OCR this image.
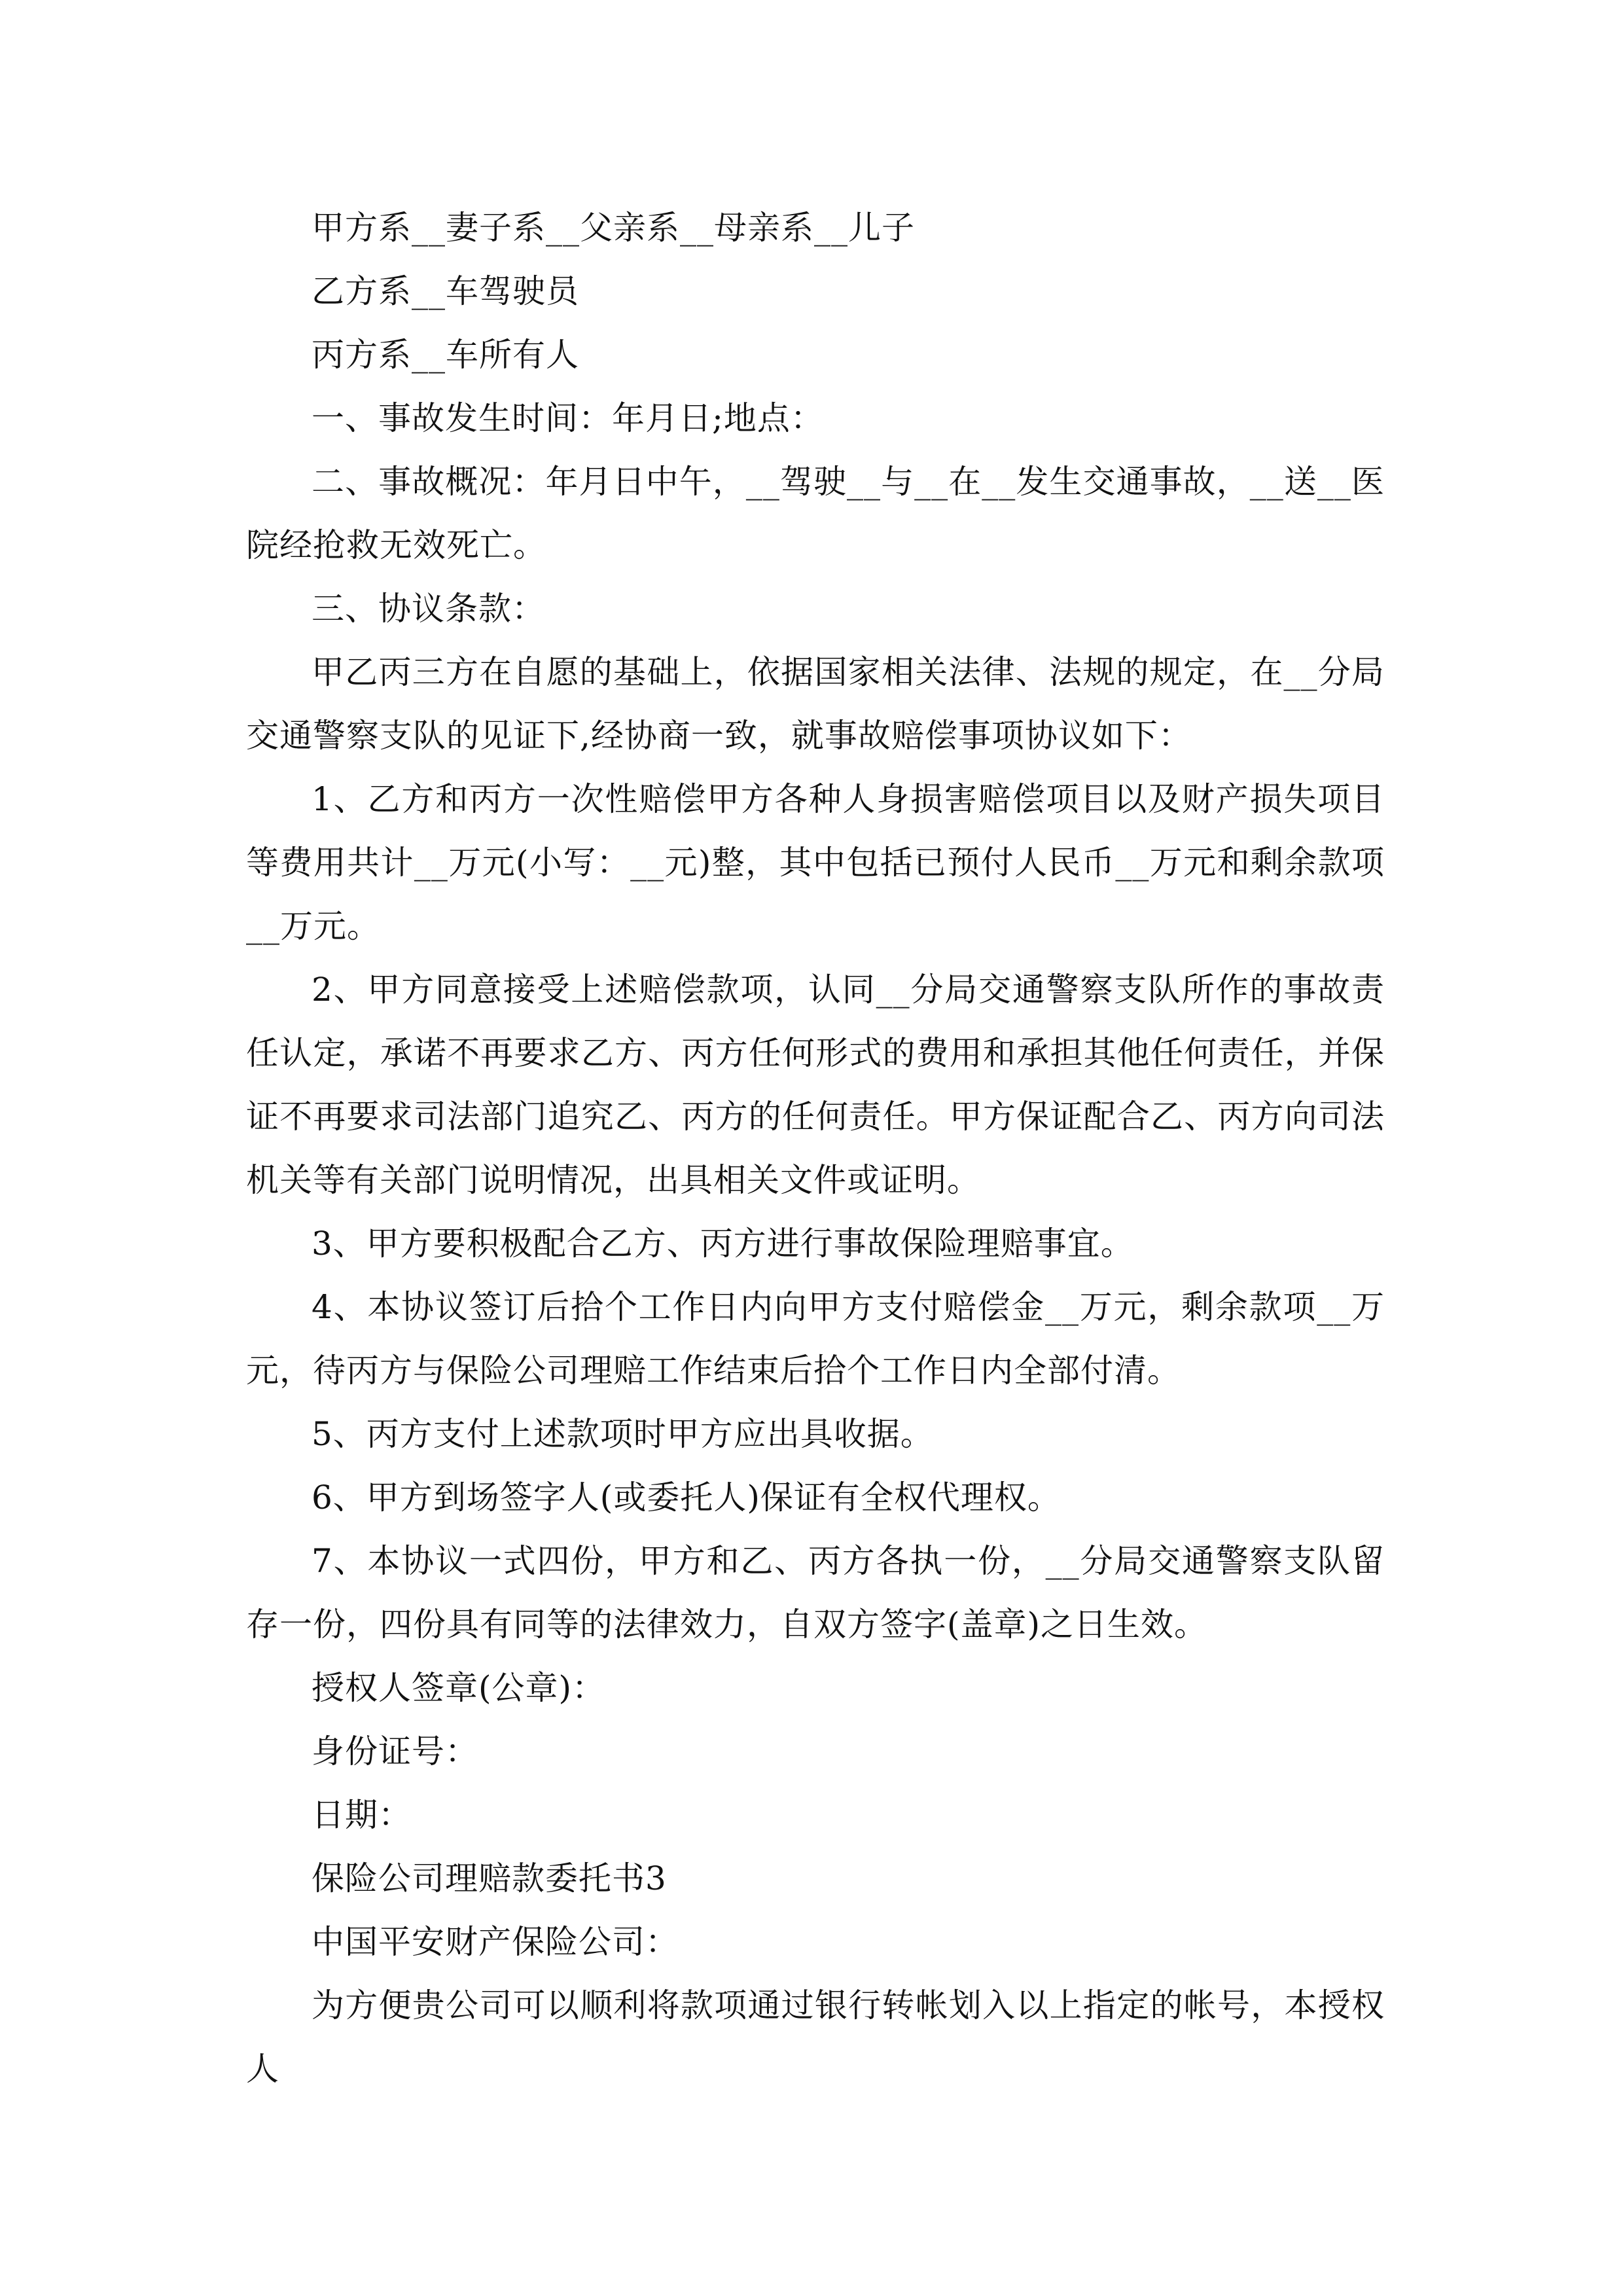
甲方系__妻子系__父亲系__母亲系__儿子

乙方系__车驾驶员

丙方系__车所有人

一、事故发生时间：年月日;地点：

二、事故概况：年月日中午，__驾驶__与__在__发生交通事故，__送__医院经抢救无效死亡。

三、协议条款：

甲乙丙三方在自愿的基础上，依据国家相关法律、法规的规定，在__分局交通警察支队的见证下,经协商一致，就事故赔偿事项协议如下：

1、乙方和丙方一次性赔偿甲方各种人身损害赔偿项目以及财产损失项目等费用共计__万元(小写：__元)整，其中包括已预付人民币__万元和剩余款项__万元。

2、甲方同意接受上述赔偿款项，认同__分局交通警察支队所作的事故责任认定，承诺不再要求乙方、丙方任何形式的费用和承担其他任何责任，并保证不再要求司法部门追究乙、丙方的任何责任。甲方保证配合乙、丙方向司法机关等有关部门说明情况，出具相关文件或证明。

3、甲方要积极配合乙方、丙方进行事故保险理赔事宜。

4、本协议签订后拾个工作日内向甲方支付赔偿金__万元，剩余款项__万元，待丙方与保险公司理赔工作结束后拾个工作日内全部付清。

5、丙方支付上述款项时甲方应出具收据。

6、甲方到场签字人(或委托人)保证有全权代理权。

7、本协议一式四份，甲方和乙、丙方各执一份，__分局交通警察支队留存一份，四份具有同等的法律效力，自双方签字(盖章)之日生效。

授权人签章(公章)：

身份证号：

日期：

保险公司理赔款委托书3

中国平安财产保险公司：

为方便贵公司可以顺利将款项通过银行转帐划入以上指定的帐号，本授权人
